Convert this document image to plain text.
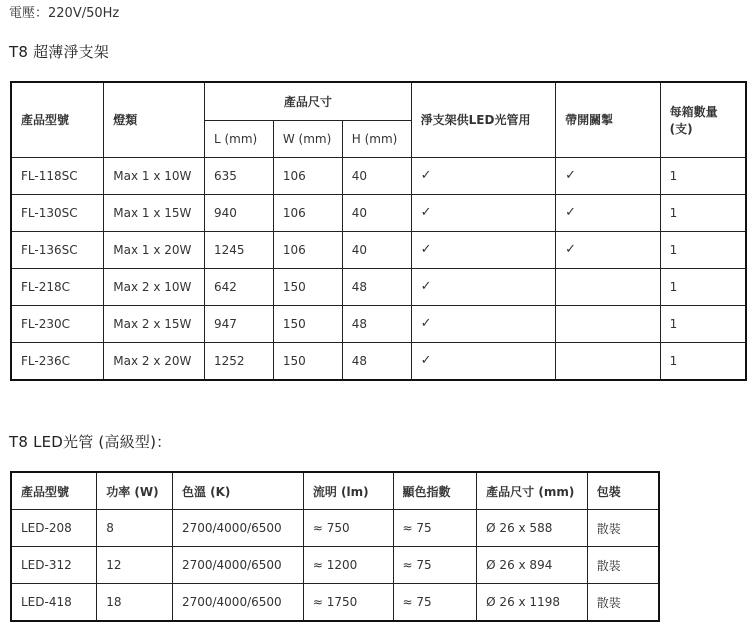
電壓：220V/50Hz
T8 超薄淨支架
產品型號	燈類	產品尺寸			淨支架供LED光管用	帶開關掣	每箱數量 (支)
		L (mm)	W (mm)	H (mm)			
FL-118SC	Max 1 x 10W	635	106	40	✓	✓	1
FL-130SC	Max 1 x 15W	940	106	40	✓	✓	1
FL-136SC	Max 1 x 20W	1245	106	40	✓	✓	1
FL-218C	Max 2 x 10W	642	150	48	✓		1
FL-230C	Max 2 x 15W	947	150	48	✓		1
FL-236C	Max 2 x 20W	1252	150	48	✓		1
T8 LED光管 (高級型)：
產品型號	功率 (W)	色溫 (K)	流明 (lm)	顯色指數	產品尺寸 (mm)	包裝
LED-208	8	2700/4000/6500	≈ 750	≈ 75	Ø 26 x 588	散裝
LED-312	12	2700/4000/6500	≈ 1200	≈ 75	Ø 26 x 894	散裝
LED-418	18	2700/4000/6500	≈ 1750	≈ 75	Ø 26 x 1198	散裝
